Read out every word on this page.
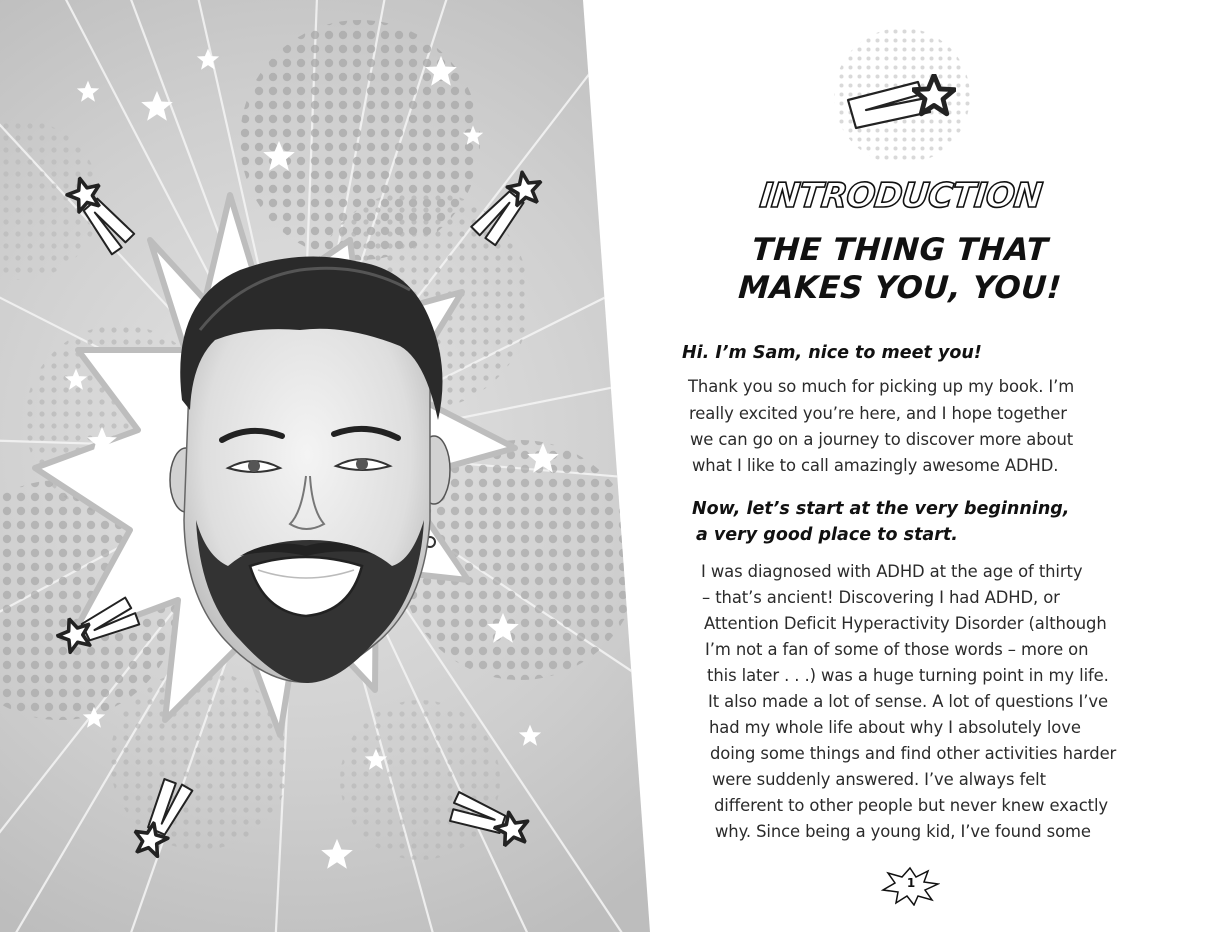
INTRODUCTION
THE THING THAT
MAKES YOU, YOU!
Hi. I’m Sam, nice to meet you!
Thank you so much for picking up my book. I’m
really excited you’re here, and I hope together
we can go on a journey to discover more about
what I like to call amazingly awesome ADHD.
Now, let’s start at the very beginning,
a very good place to start.
I was diagnosed with ADHD at the age of thirty
– that’s ancient! Discovering I had ADHD, or
Attention Deficit Hyperactivity Disorder (although
I’m not a fan of some of those words – more on
this later . . .) was a huge turning point in my life.
It also made a lot of sense. A lot of questions I’ve
had my whole life about why I absolutely love
doing some things and find other activities harder
were suddenly answered. I’ve always felt
different to other people but never knew exactly
why. Since being a young kid, I’ve found some
1
